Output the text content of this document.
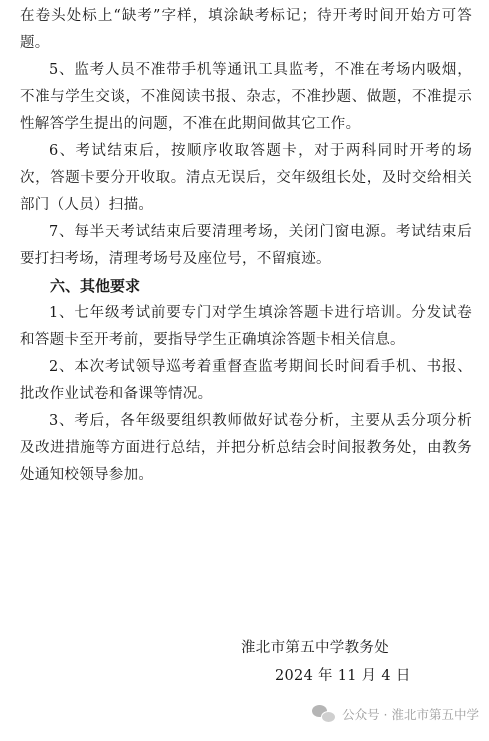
在卷头处标上“缺考”字样，填涂缺考标记；待开考时间开始方可答题。

5、监考人员不准带手机等通讯工具监考，不准在考场内吸烟，不准与学生交谈，不准阅读书报、杂志，不准抄题、做题，不准提示性解答学生提出的问题，不准在此期间做其它工作。

6、考试结束后，按顺序收取答题卡，对于两科同时开考的场次，答题卡要分开收取。清点无误后，交年级组长处，及时交给相关部门（人员）扫描。

7、每半天考试结束后要清理考场，关闭门窗电源。考试结束后要打扫考场，清理考场号及座位号，不留痕迹。

六、其他要求

1、七年级考试前要专门对学生填涂答题卡进行培训。分发试卷和答题卡至开考前，要指导学生正确填涂答题卡相关信息。

2、本次考试领导巡考着重督查监考期间长时间看手机、书报、批改作业试卷和备课等情况。

3、考后，各年级要组织教师做好试卷分析，主要从丢分项分析及改进措施等方面进行总结，并把分析总结会时间报教务处，由教务处通知校领导参加。

淮北市第五中学教务处
2024 年 11 月 4 日
公众号 · 淮北市第五中学
